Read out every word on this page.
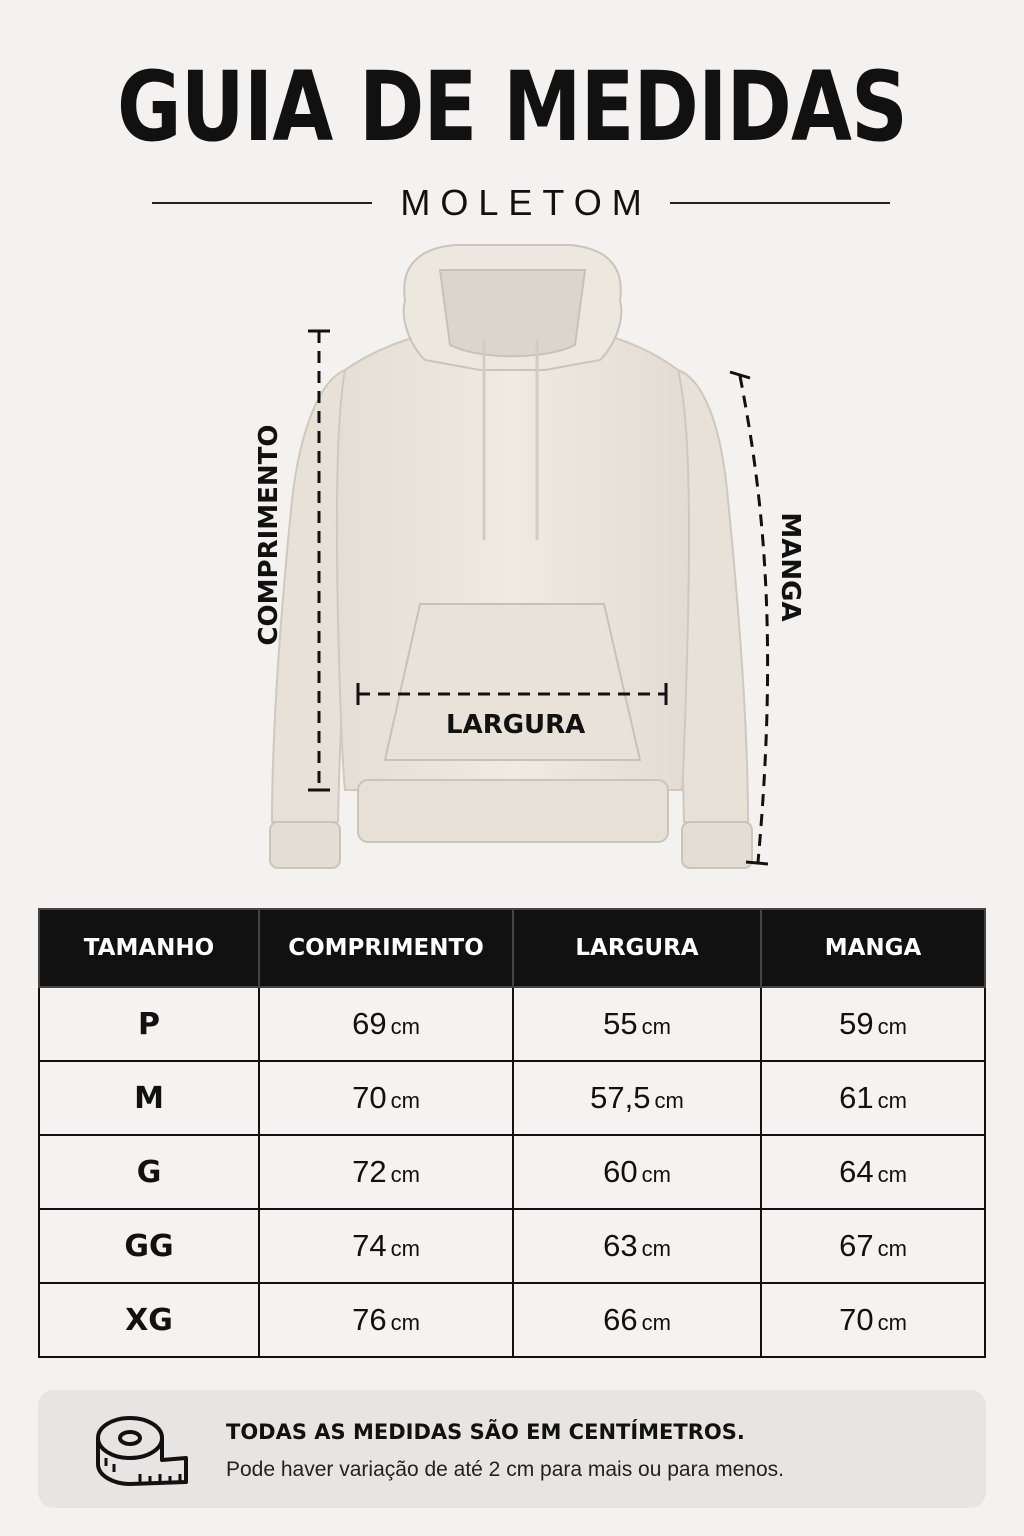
GUIA DE MEDIDAS
MOLETOM
COMPRIMENTO
LARGURA
MANGA
TAMANHO	COMPRIMENTO	LARGURA	MANGA
P	69 cm	55 cm	59 cm
M	70 cm	57,5 cm	61 cm
G	72 cm	60 cm	64 cm
GG	74 cm	63 cm	67 cm
XG	76 cm	66 cm	70 cm
TODAS AS MEDIDAS SÃO EM CENTÍMETROS.
Pode haver variação de até 2 cm para mais ou para menos.
